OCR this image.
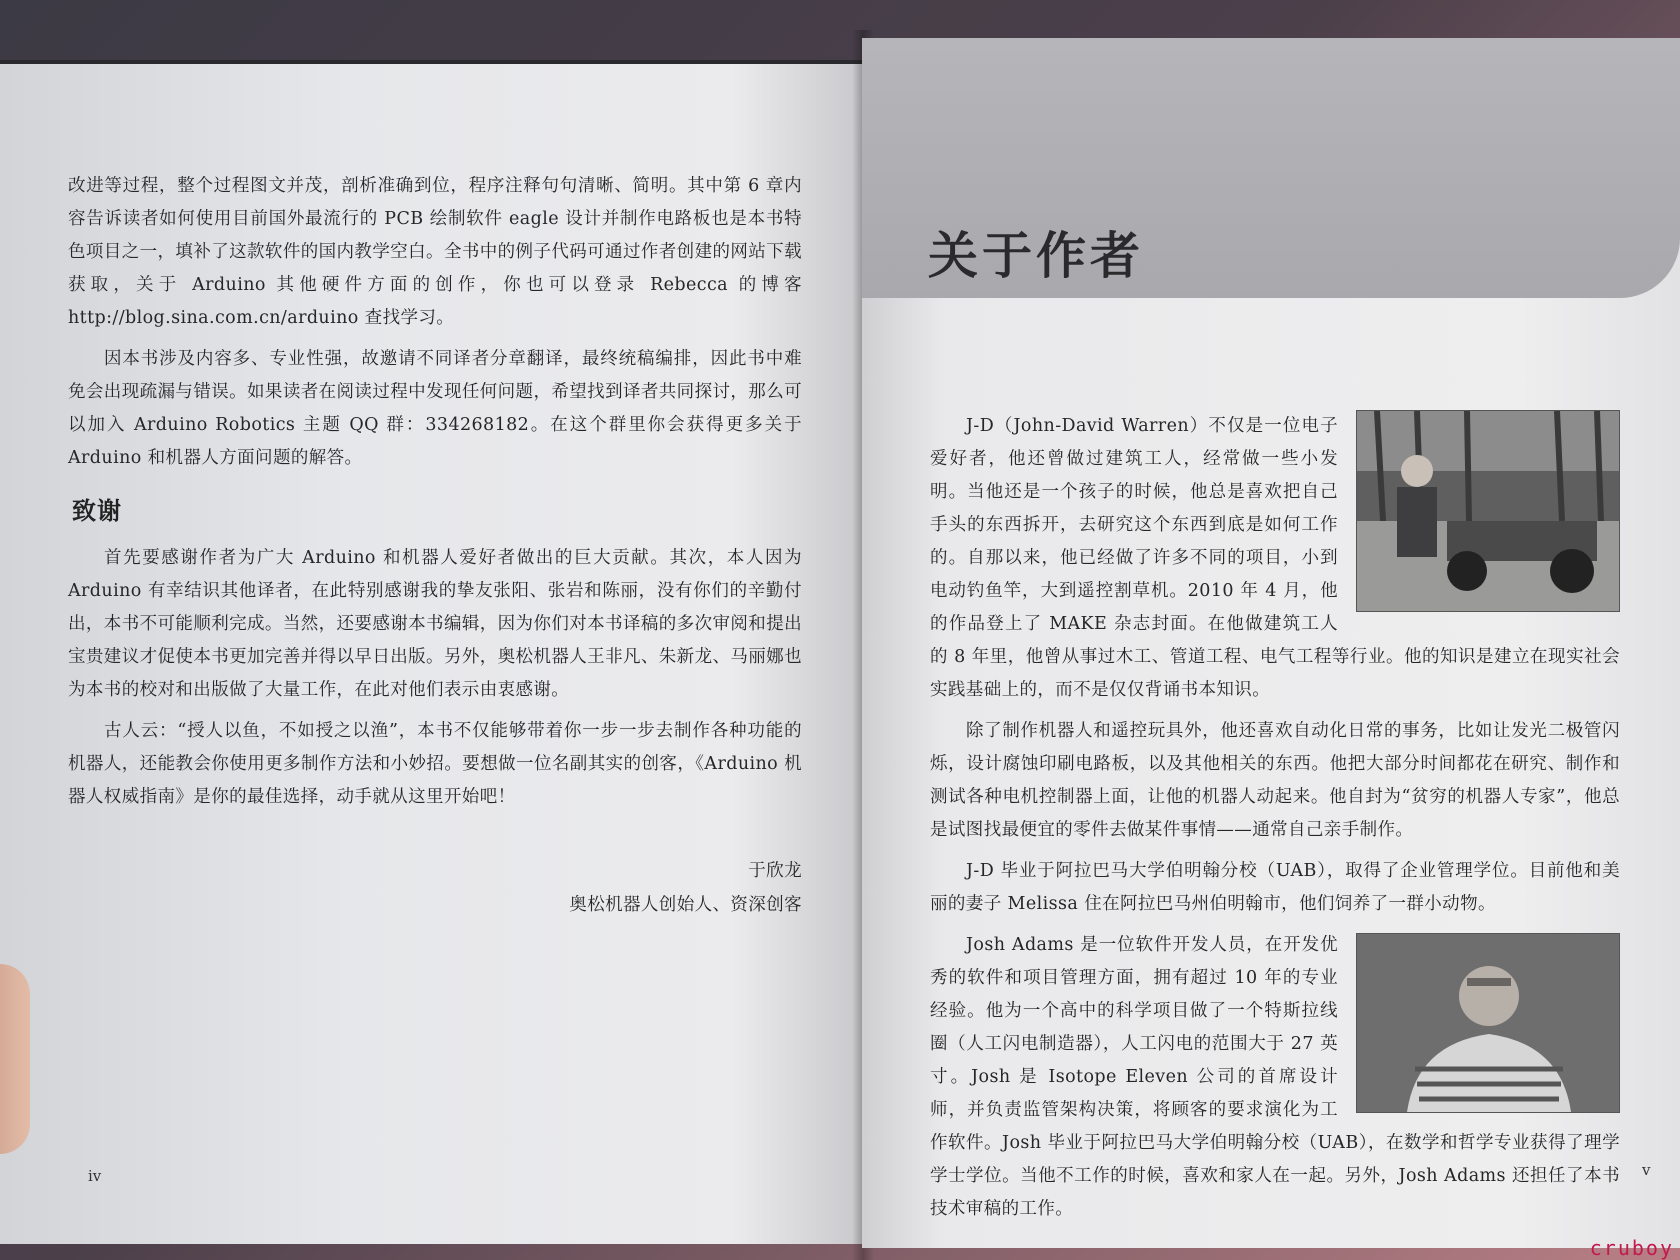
改进等过程，整个过程图文并茂，剖析准确到位，程序注释句句清晰、简明。其中第 6 章内容告诉读者如何使用目前国外最流行的 PCB 绘制软件 eagle 设计并制作电路板也是本书特色项目之一，填补了这款软件的国内教学空白。全书中的例子代码可通过作者创建的网站下载获取，关于 Arduino 其他硬件方面的创作，你也可以登录 Rebecca 的博客 http://blog.sina.com.cn/arduino 查找学习。

因本书涉及内容多、专业性强，故邀请不同译者分章翻译，最终统稿编排，因此书中难免会出现疏漏与错误。如果读者在阅读过程中发现任何问题，希望找到译者共同探讨，那么可以加入 Arduino Robotics 主题 QQ 群：334268182。在这个群里你会获得更多关于 Arduino 和机器人方面问题的解答。

致谢

首先要感谢作者为广大 Arduino 和机器人爱好者做出的巨大贡献。其次，本人因为 Arduino 有幸结识其他译者，在此特别感谢我的挚友张阳、张岩和陈丽，没有你们的辛勤付出，本书不可能顺利完成。当然，还要感谢本书编辑，因为你们对本书译稿的多次审阅和提出宝贵建议才促使本书更加完善并得以早日出版。另外，奥松机器人王非凡、朱新龙、马丽娜也为本书的校对和出版做了大量工作，在此对他们表示由衷感谢。

古人云：“授人以鱼，不如授之以渔”，本书不仅能够带着你一步一步去制作各种功能的机器人，还能教会你使用更多制作方法和小妙招。要想做一位名副其实的创客，《Arduino 机器人权威指南》是你的最佳选择，动手就从这里开始吧！

于欣龙
奥松机器人创始人、资深创客
iv
关于作者

J-D（John-David Warren）不仅是一位电子爱好者，他还曾做过建筑工人，经常做一些小发明。当他还是一个孩子的时候，他总是喜欢把自己手头的东西拆开，去研究这个东西到底是如何工作的。自那以来，他已经做了许多不同的项目，小到电动钓鱼竿，大到遥控割草机。2010 年 4 月，他的作品登上了 MAKE 杂志封面。在他做建筑工人的 8 年里，他曾从事过木工、管道工程、电气工程等行业。他的知识是建立在现实社会实践基础上的，而不是仅仅背诵书本知识。

除了制作机器人和遥控玩具外，他还喜欢自动化日常的事务，比如让发光二极管闪烁，设计腐蚀印刷电路板，以及其他相关的东西。他把大部分时间都花在研究、制作和测试各种电机控制器上面，让他的机器人动起来。他自封为“贫穷的机器人专家”，他总是试图找最便宜的零件去做某件事情——通常自己亲手制作。

J-D 毕业于阿拉巴马大学伯明翰分校（UAB），取得了企业管理学位。目前他和美丽的妻子 Melissa 住在阿拉巴马州伯明翰市，他们饲养了一群小动物。

Josh Adams 是一位软件开发人员，在开发优秀的软件和项目管理方面，拥有超过 10 年的专业经验。他为一个高中的科学项目做了一个特斯拉线圈（人工闪电制造器），人工闪电的范围大于 27 英寸。Josh 是 Isotope Eleven 公司的首席设计师，并负责监管架构决策，将顾客的要求演化为工作软件。Josh 毕业于阿拉巴马大学伯明翰分校（UAB），在数学和哲学专业获得了理学学士学位。当他不工作的时候，喜欢和家人在一起。另外，Josh Adams 还担任了本书技术审稿的工作。

v
cruboy
